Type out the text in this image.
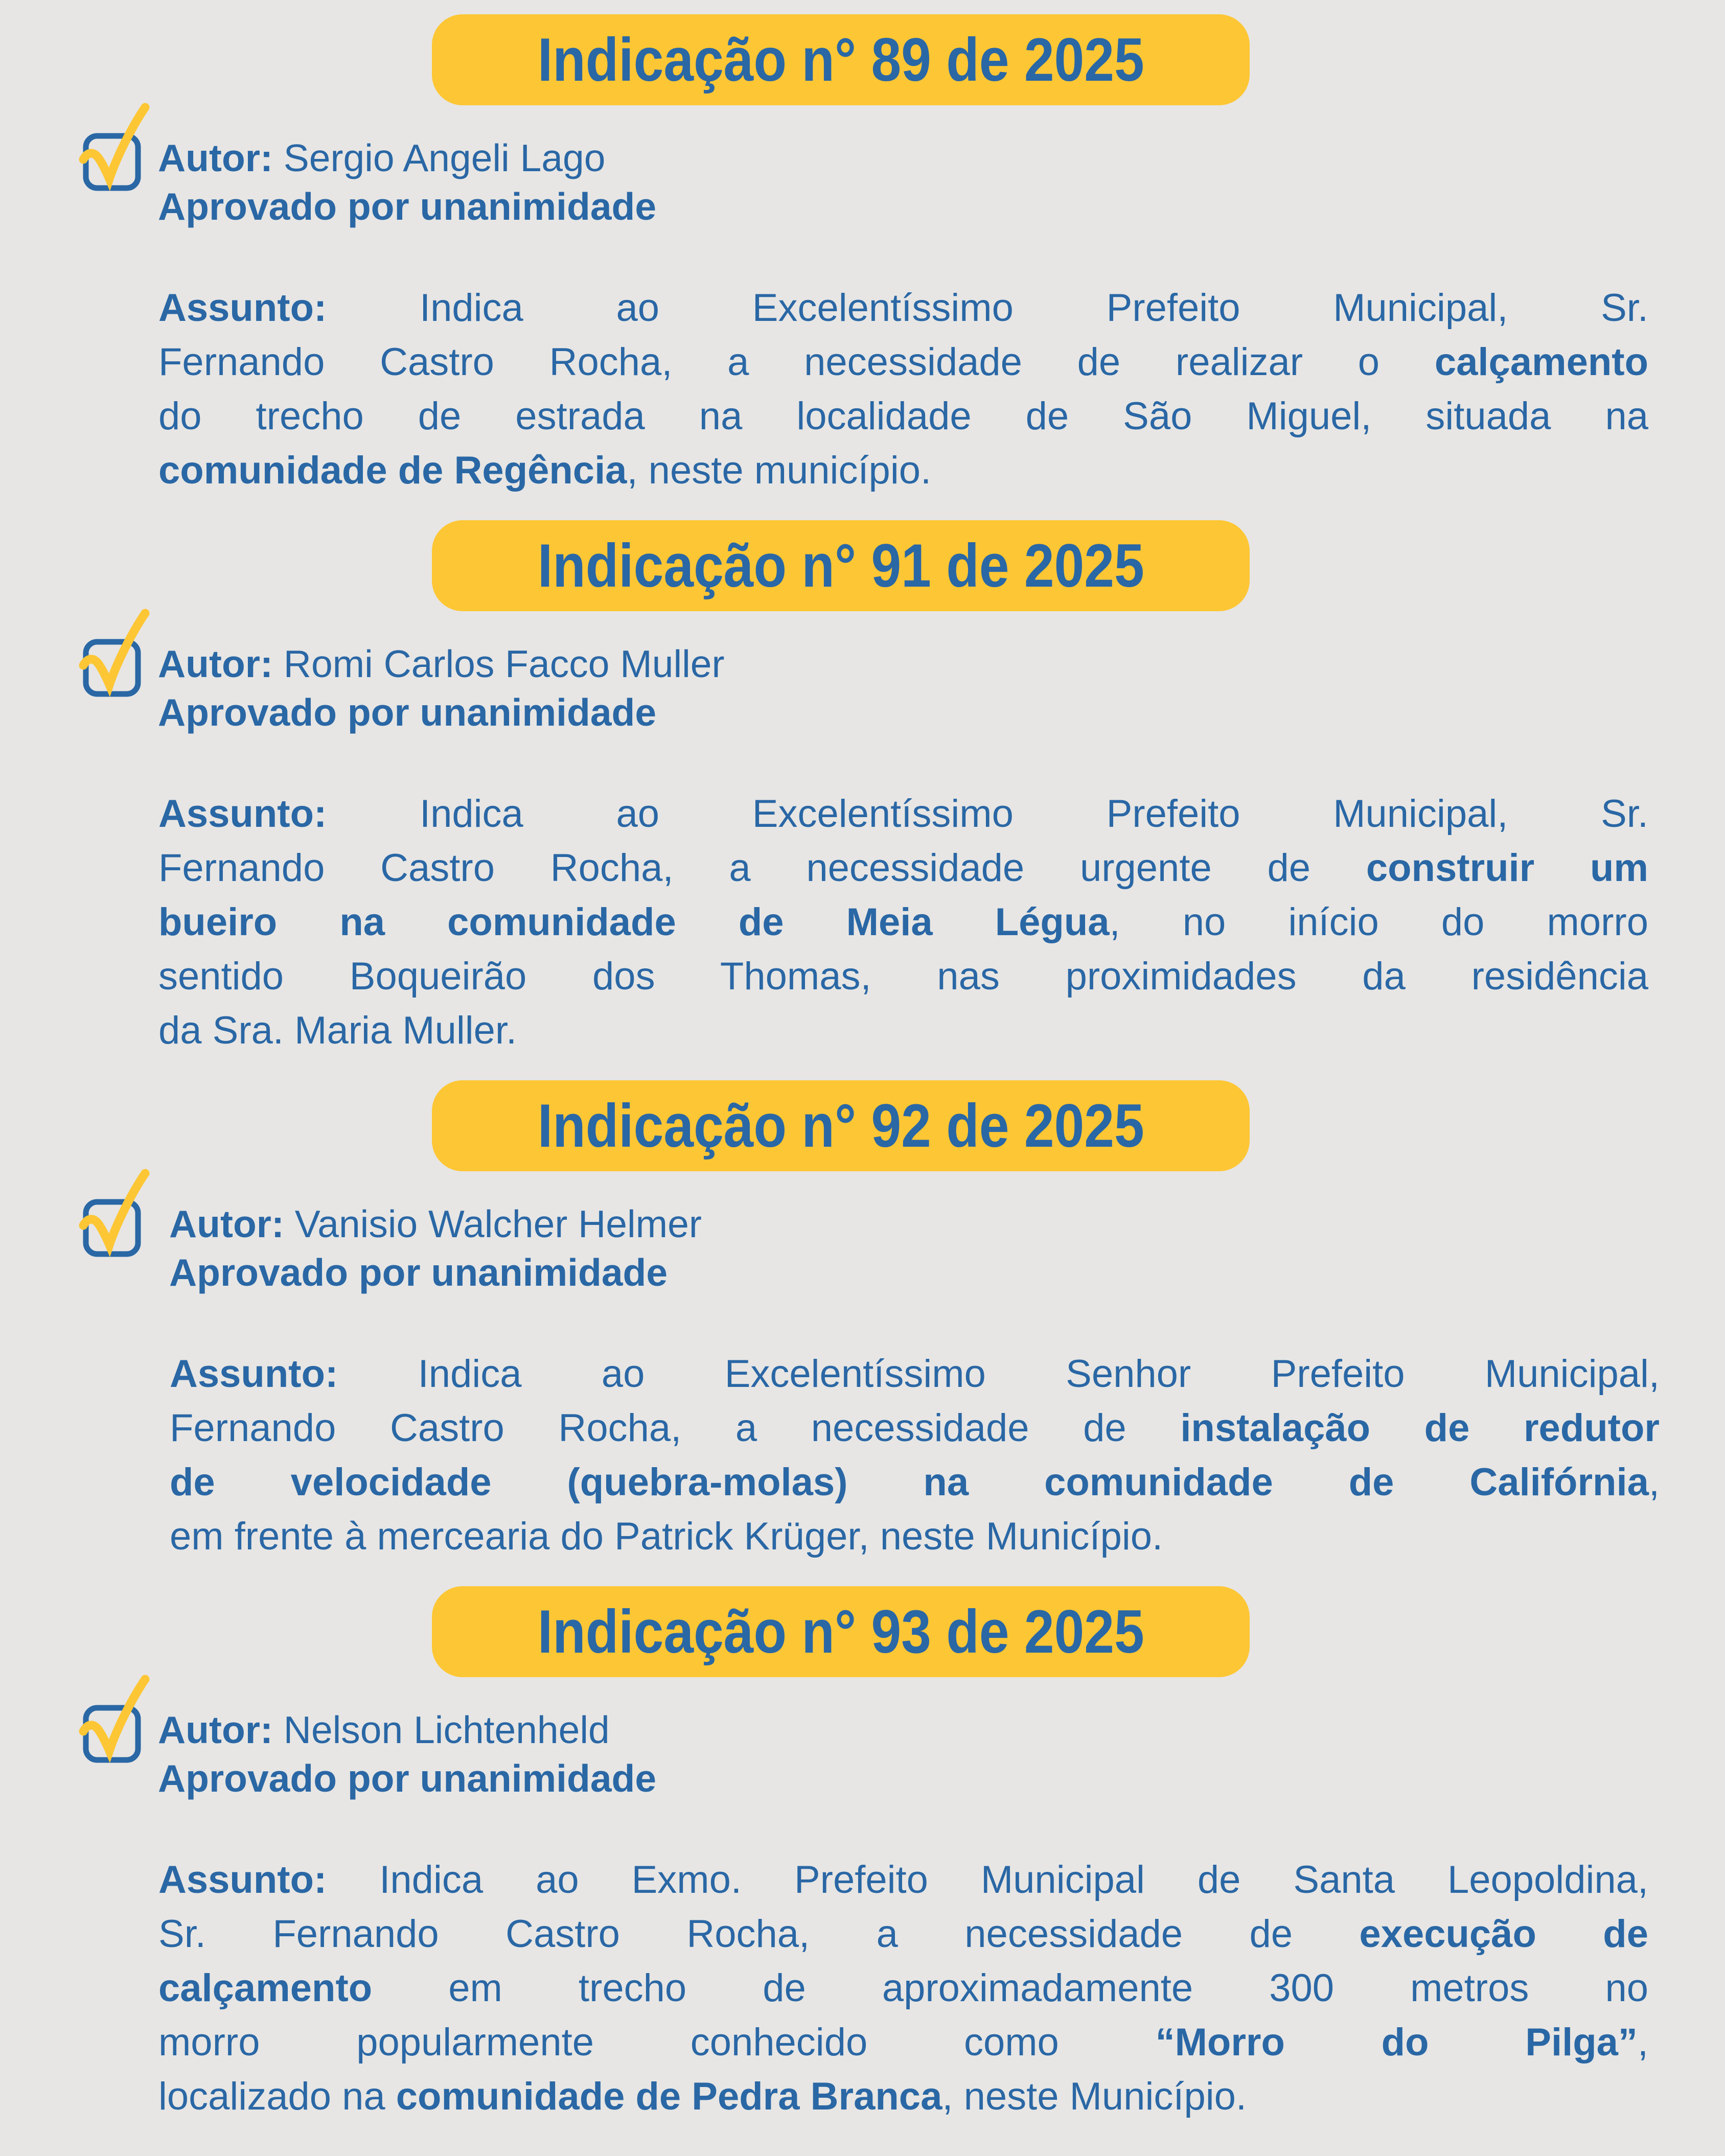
Indicação n° 89 de 2025
Autor: Sergio Angeli Lago
Aprovado por unanimidade
Assunto: Indica ao Excelentíssimo Prefeito Municipal, Sr.
Fernando Castro Rocha, a necessidade de realizar o calçamento
do trecho de estrada na localidade de São Miguel, situada na
comunidade de Regência, neste município.
Indicação n° 91 de 2025
Autor: Romi Carlos Facco Muller
Aprovado por unanimidade
Assunto: Indica ao Excelentíssimo Prefeito Municipal, Sr.
Fernando Castro Rocha, a necessidade urgente de construir um
bueiro na comunidade de Meia Légua, no início do morro
sentido Boqueirão dos Thomas, nas proximidades da residência
da Sra. Maria Muller.
Indicação n° 92 de 2025
Autor: Vanisio Walcher Helmer
Aprovado por unanimidade
Assunto: Indica ao Excelentíssimo Senhor Prefeito Municipal,
Fernando Castro Rocha, a necessidade de instalação de redutor
de velocidade (quebra-molas) na comunidade de Califórnia,
em frente à mercearia do Patrick Krüger, neste Município.
Indicação n° 93 de 2025
Autor: Nelson Lichtenheld
Aprovado por unanimidade
Assunto: Indica ao Exmo. Prefeito Municipal de Santa Leopoldina,
Sr. Fernando Castro Rocha, a necessidade de execução de
calçamento em trecho de aproximadamente 300 metros no
morro popularmente conhecido como “Morro do Pilga”,
localizado na comunidade de Pedra Branca, neste Município.
